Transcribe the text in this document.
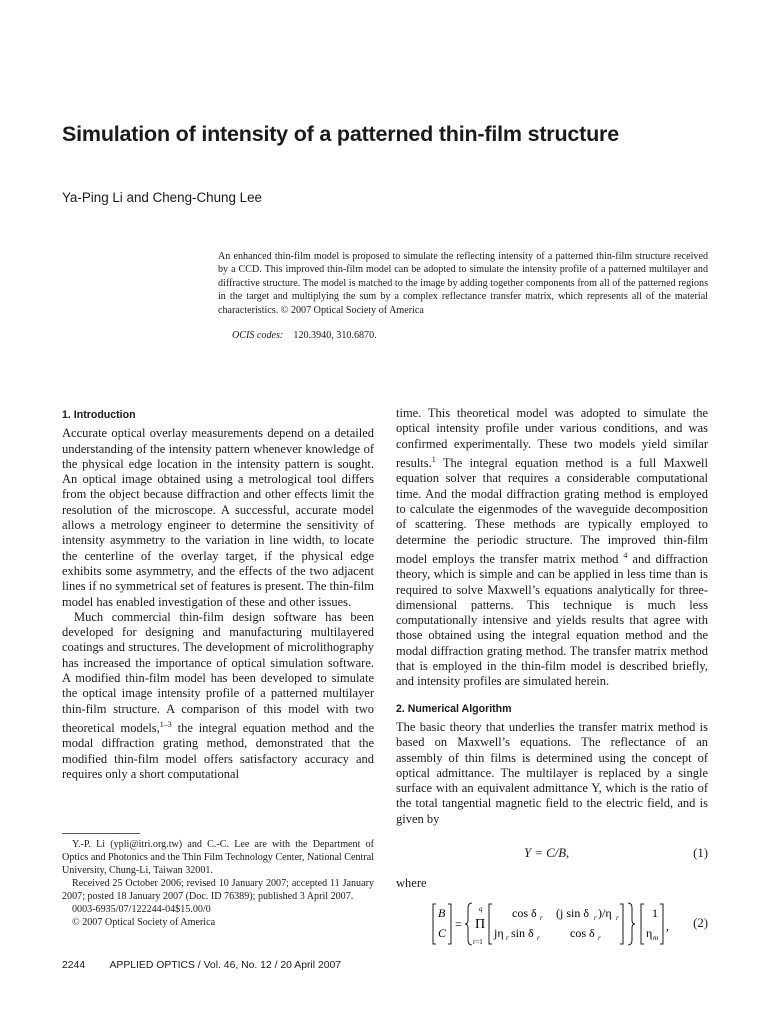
Simulation of intensity of a patterned thin-film structure
Ya-Ping Li and Cheng-Chung Lee
An enhanced thin-film model is proposed to simulate the reflecting intensity of a patterned thin-film structure received by a CCD. This improved thin-film model can be adopted to simulate the intensity profile of a patterned multilayer and diffractive structure. The model is matched to the image by adding together components from all of the patterned regions in the target and multiplying the sum by a complex reflectance transfer matrix, which represents all of the material characteristics. © 2007 Optical Society of America
OCIS codes: 120.3940, 310.6870.
1. Introduction

Accurate optical overlay measurements depend on a detailed understanding of the intensity pattern whenever knowledge of the physical edge location in the intensity pattern is sought. An optical image obtained using a metrological tool differs from the object because diffraction and other effects limit the resolution of the microscope. A successful, accurate model allows a metrology engineer to determine the sensitivity of intensity asymmetry to the variation in line width, to locate the centerline of the overlay target, if the physical edge exhibits some asymmetry, and the effects of the two adjacent lines if no symmetrical set of features is present. The thin-film model has enabled investigation of these and other issues.

Much commercial thin-film design software has been developed for designing and manufacturing multilayered coatings and structures. The development of microlithography has increased the importance of optical simulation software. A modified thin-film model has been developed to simulate the optical image intensity profile of a patterned multilayer thin-film structure. A comparison of this model with two theoretical models,$^{1-3}$ the integral equation method and the modal diffraction grating method, demonstrated that the modified thin-film model offers satisfactory accuracy and requires only a short computational

time. This theoretical model was adopted to simulate the optical intensity profile under various conditions, and was confirmed experimentally. These two models yield similar results.$^1$ The integral equation method is a full Maxwell equation solver that requires a considerable computational time. And the modal diffraction grating method is employed to calculate the eigenmodes of the waveguide decomposition of scattering. These methods are typically employed to determine the periodic structure. The improved thin-film model employs the transfer matrix method $^4$ and diffraction theory, which is simple and can be applied in less time than is required to solve Maxwell’s equations analytically for three-dimensional patterns. This technique is much less computationally intensive and yields results that agree with those obtained using the integral equation method and the modal diffraction grating method. The transfer matrix method that is employed in the thin-film model is described briefly, and intensity profiles are simulated herein.

2. Numerical Algorithm

The basic theory that underlies the transfer matrix method is based on Maxwell’s equations. The reflectance of an assembly of thin films is determined using the concept of optical admittance. The multilayer is replaced by a single surface with an equivalent admittance Y, which is the ratio of the total tangential magnetic field to the electric field, and is given by

Y = C/B,	(1)
where
B
C
=
q
Π
r=1
cos δ r (j sin δ r )/η r
jη r sin δ r	cos δ r
1
η m
, (2)

Y.-P. Li (ypli@itri.org.tw) and C.-C. Lee are with the Department of Optics and Photonics and the Thin Film Technology Center, National Central University, Chung-Li, Taiwan 32001.

Received 25 October 2006; revised 10 January 2007; accepted 11 January 2007; posted 18 January 2007 (Doc. ID 76389); published 3 April 2007.

0003-6935/07/122244-04$15.00/0

© 2007 Optical Society of America

2244 APPLIED OPTICS / Vol. 46, No. 12 / 20 April 2007
